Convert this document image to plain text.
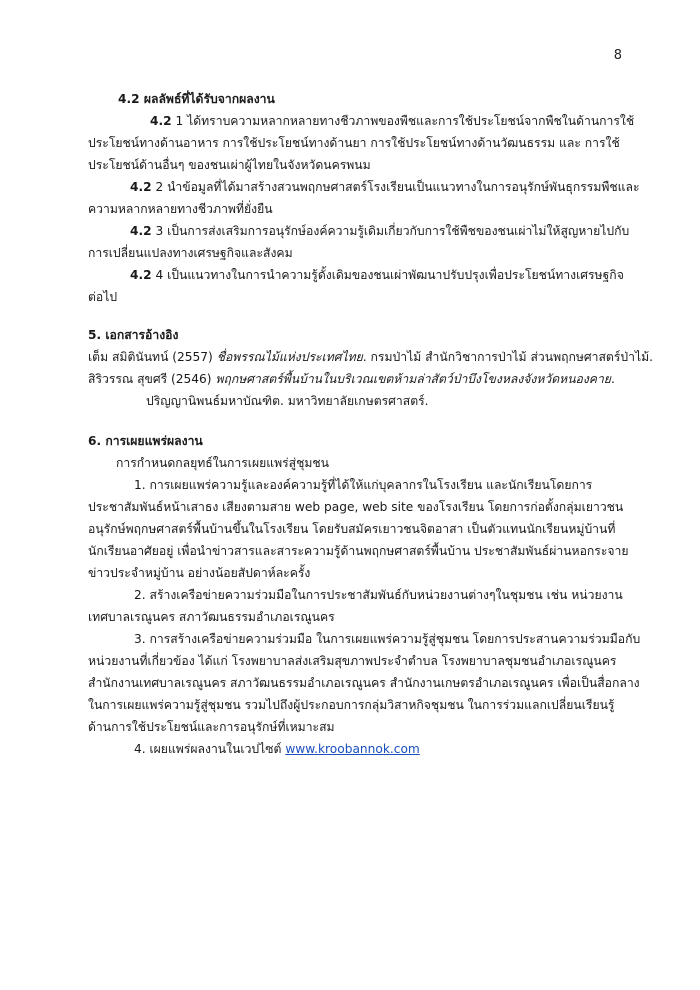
8
4.2 ผลลัพธ์ที่ได้รับจากผลงาน
4.2 1 ได้ทราบความหลากหลายทางชีวภาพของพืชและการใช้ประโยชน์จากพืชในด้านการใช้
ประโยชน์ทางด้านอาหาร การใช้ประโยชน์ทางด้านยา การใช้ประโยชน์ทางด้านวัฒนธรรม และ การใช้
ประโยชน์ด้านอื่นๆ ของชนเผ่าผู้ไทยในจังหวัดนครพนม
4.2 2 นำข้อมูลที่ได้มาสร้างสวนพฤกษศาสตร์โรงเรียนเป็นแนวทางในการอนุรักษ์พันธุกรรมพืชและ
ความหลากหลายทางชีวภาพที่ยั่งยืน
4.2 3 เป็นการส่งเสริมการอนุรักษ์องค์ความรู้เดิมเกี่ยวกับการใช้พืชของชนเผ่าไม่ให้สูญหายไปกับ
การเปลี่ยนแปลงทางเศรษฐกิจและสังคม
4.2 4 เป็นแนวทางในการนำความรู้ดั้งเดิมของชนเผ่าพัฒนาปรับปรุงเพื่อประโยชน์ทางเศรษฐกิจ
ต่อไป
5. เอกสารอ้างอิง
เต็ม สมิตินันทน์ (2557) ชื่อพรรณไม้แห่งประเทศไทย. กรมป่าไม้ สำนักวิชาการป่าไม้ ส่วนพฤกษศาสตร์ป่าไม้.
สิริวรรณ สุขศรี (2546) พฤกษศาสตร์พื้นบ้านในบริเวณเขตห้ามล่าสัตว์ป่าบึงโขงหลงจังหวัดหนองคาย.
ปริญญานิพนธ์มหาบัณฑิต. มหาวิทยาลัยเกษตรศาสตร์.
6. การเผยแพร่ผลงาน
การกำหนดกลยุทธ์ในการเผยแพร่สู่ชุมชน
1. การเผยแพร่ความรู้และองค์ความรู้ที่ได้ให้แก่บุคลากรในโรงเรียน และนักเรียนโดยการ
ประชาสัมพันธ์หน้าเสาธง เสียงตามสาย web page, web site ของโรงเรียน โดยการก่อตั้งกลุ่มเยาวชน
อนุรักษ์พฤกษศาสตร์พื้นบ้านขึ้นในโรงเรียน โดยรับสมัครเยาวชนจิตอาสา เป็นตัวแทนนักเรียนหมู่บ้านที่
นักเรียนอาศัยอยู่ เพื่อนำข่าวสารและสาระความรู้ด้านพฤกษศาสตร์พื้นบ้าน ประชาสัมพันธ์ผ่านหอกระจาย
ข่าวประจำหมู่บ้าน อย่างน้อยสัปดาห์ละครั้ง
2. สร้างเครือข่ายความร่วมมือในการประชาสัมพันธ์กับหน่วยงานต่างๆในชุมชน เช่น หน่วยงาน
เทศบาลเรณูนคร สภาวัฒนธรรมอำเภอเรณูนคร
3. การสร้างเครือข่ายความร่วมมือ ในการเผยแพร่ความรู้สู่ชุมชน โดยการประสานความร่วมมือกับ
หน่วยงานที่เกี่ยวข้อง ได้แก่ โรงพยาบาลส่งเสริมสุขภาพประจำตำบล โรงพยาบาลชุมชนอำเภอเรณูนคร
สำนักงานเทศบาลเรณูนคร สภาวัฒนธรรมอำเภอเรณูนคร สำนักงานเกษตรอำเภอเรณูนคร เพื่อเป็นสื่อกลาง
ในการเผยแพร่ความรู้สู่ชุมชน รวมไปถึงผู้ประกอบการกลุ่มวิสาหกิจชุมชน ในการร่วมแลกเปลี่ยนเรียนรู้
ด้านการใช้ประโยชน์และการอนุรักษ์ที่เหมาะสม
4. เผยแพร่ผลงานในเวปไซต์ www.kroobannok.com
